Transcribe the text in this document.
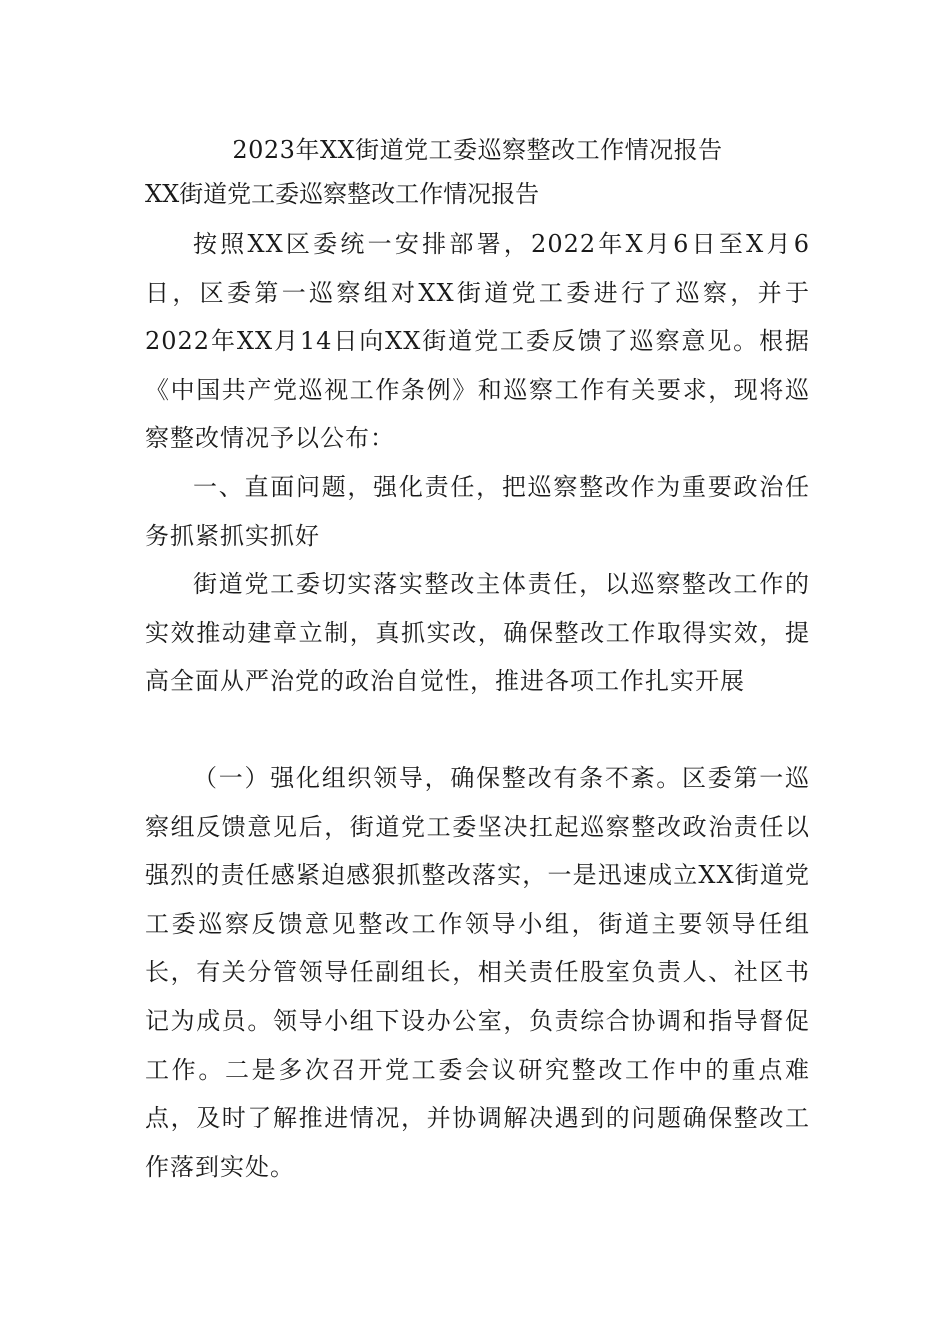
2023年XX街道党工委巡察整改工作情况报告
XX街道党工委巡察整改工作情况报告

按照XX区委统一安排部署，2022年X月6日至X月6日，区委第一巡察组对XX街道党工委进行了巡察，并于2022年XX月14日向XX街道党工委反馈了巡察意见。根据《中国共产党巡视工作条例》和巡察工作有关要求，现将巡察整改情况予以公布：

一、直面问题，强化责任，把巡察整改作为重要政治任务抓紧抓实抓好

街道党工委切实落实整改主体责任，以巡察整改工作的实效推动建章立制，真抓实改，确保整改工作取得实效，提高全面从严治党的政治自觉性，推进各项工作扎实开展

（一）强化组织领导，确保整改有条不紊。区委第一巡察组反馈意见后，街道党工委坚决扛起巡察整改政治责任以强烈的责任感紧迫感狠抓整改落实，一是迅速成立XX街道党工委巡察反馈意见整改工作领导小组，街道主要领导任组长，有关分管领导任副组长，相关责任股室负责人、社区书记为成员。领导小组下设办公室，负责综合协调和指导督促工作。二是多次召开党工委会议研究整改工作中的重点难点，及时了解推进情况，并协调解决遇到的问题确保整改工作落到实处。
